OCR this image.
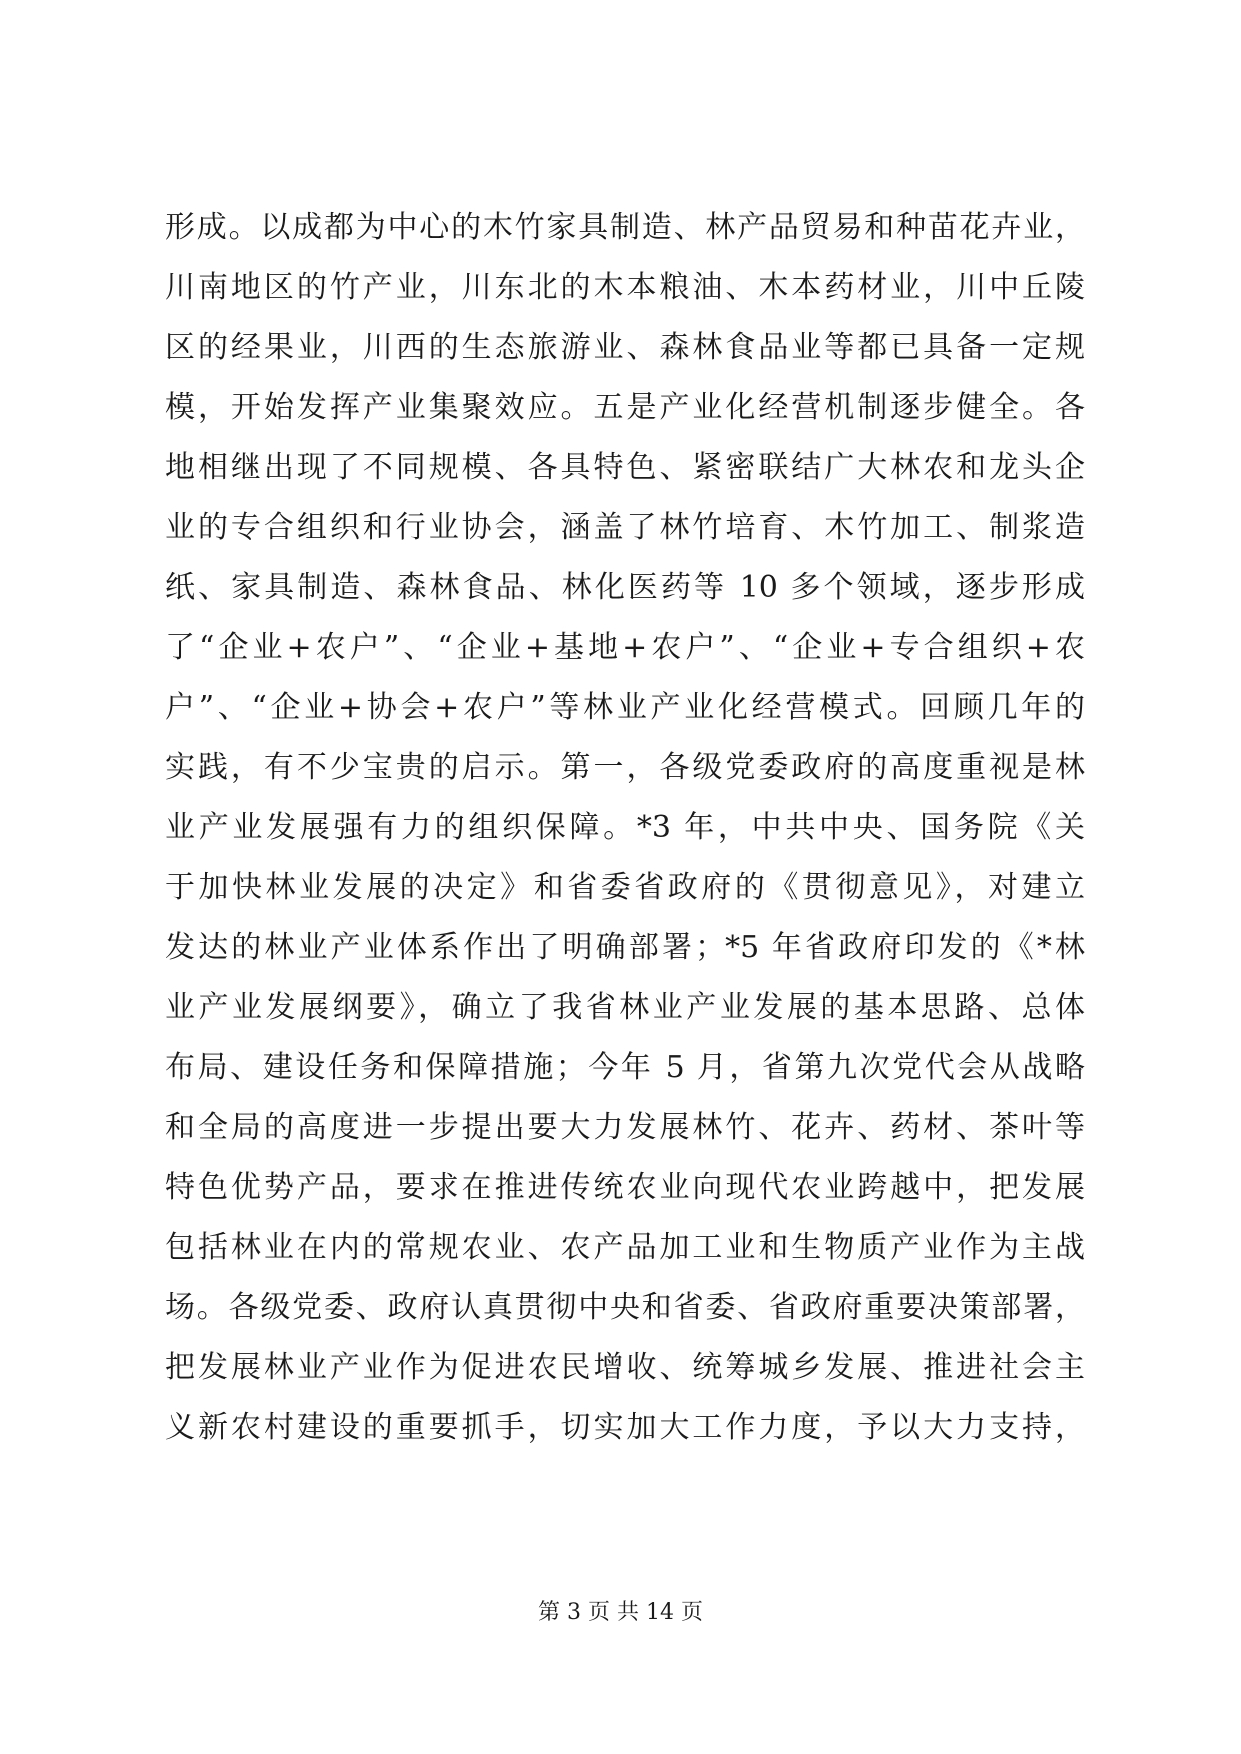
形成。以成都为中心的木竹家具制造、林产品贸易和种苗花卉业，
川南地区的竹产业，川东北的木本粮油、木本药材业，川中丘陵
区的经果业，川西的生态旅游业、森林食品业等都已具备一定规
模，开始发挥产业集聚效应。五是产业化经营机制逐步健全。各
地相继出现了不同规模、各具特色、紧密联结广大林农和龙头企
业的专合组织和行业协会，涵盖了林竹培育、木竹加工、制浆造
纸、家具制造、森林食品、林化医药等 10 多个领域，逐步形成
了“企业+农户”、“企业+基地+农户”、“企业+专合组织+农
户”、“企业+协会+农户”等林业产业化经营模式。回顾几年的
实践，有不少宝贵的启示。第一，各级党委政府的高度重视是林
业产业发展强有力的组织保障。*3 年，中共中央、国务院《关
于加快林业发展的决定》和省委省政府的《贯彻意见》，对建立
发达的林业产业体系作出了明确部署；*5 年省政府印发的《*林
业产业发展纲要》，确立了我省林业产业发展的基本思路、总体
布局、建设任务和保障措施；今年 5 月，省第九次党代会从战略
和全局的高度进一步提出要大力发展林竹、花卉、药材、茶叶等
特色优势产品，要求在推进传统农业向现代农业跨越中，把发展
包括林业在内的常规农业、农产品加工业和生物质产业作为主战
场。各级党委、政府认真贯彻中央和省委、省政府重要决策部署，
把发展林业产业作为促进农民增收、统筹城乡发展、推进社会主
义新农村建设的重要抓手，切实加大工作力度，予以大力支持，
第 3 页 共 14 页
